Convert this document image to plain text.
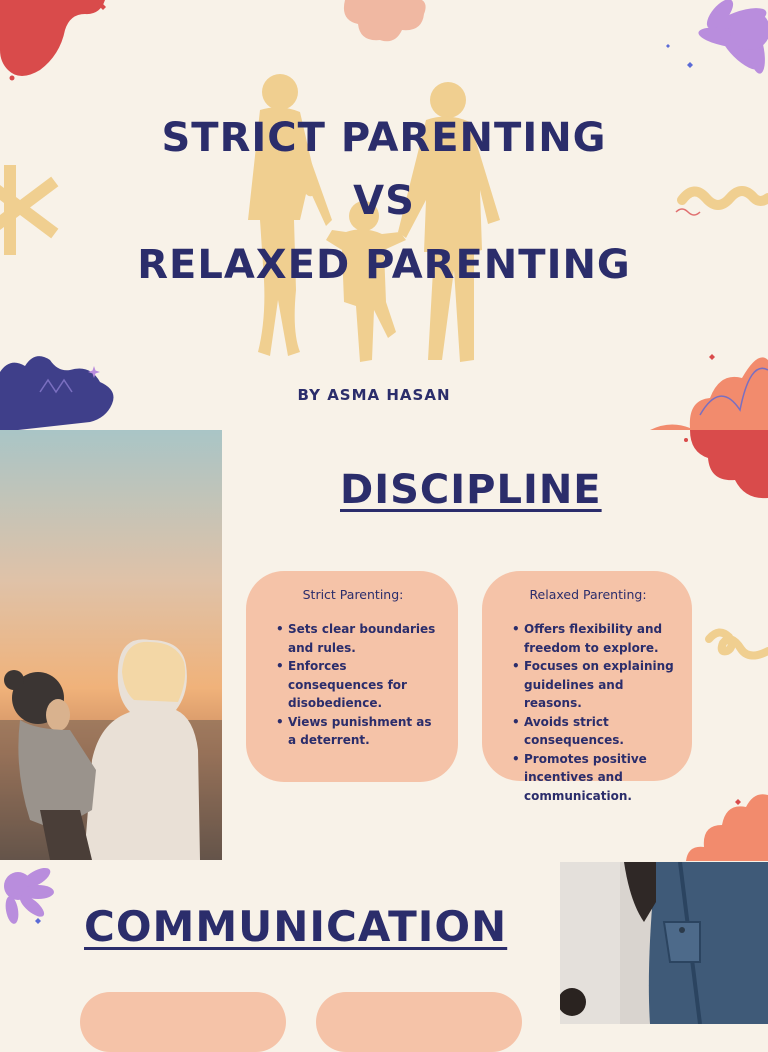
STRICT PARENTING
VS
RELAXED PARENTING
BY ASMA HASAN
DISCIPLINE
Strict Parenting:
• Sets clear boundaries and rules.
• Enforces consequences for disobedience.
• Views punishment as a deterrent.
Relaxed Parenting:
• Offers flexibility and freedom to explore.
• Focuses on explaining guidelines and reasons.
• Avoids strict consequences.
• Promotes positive incentives and communication.
COMMUNICATION
